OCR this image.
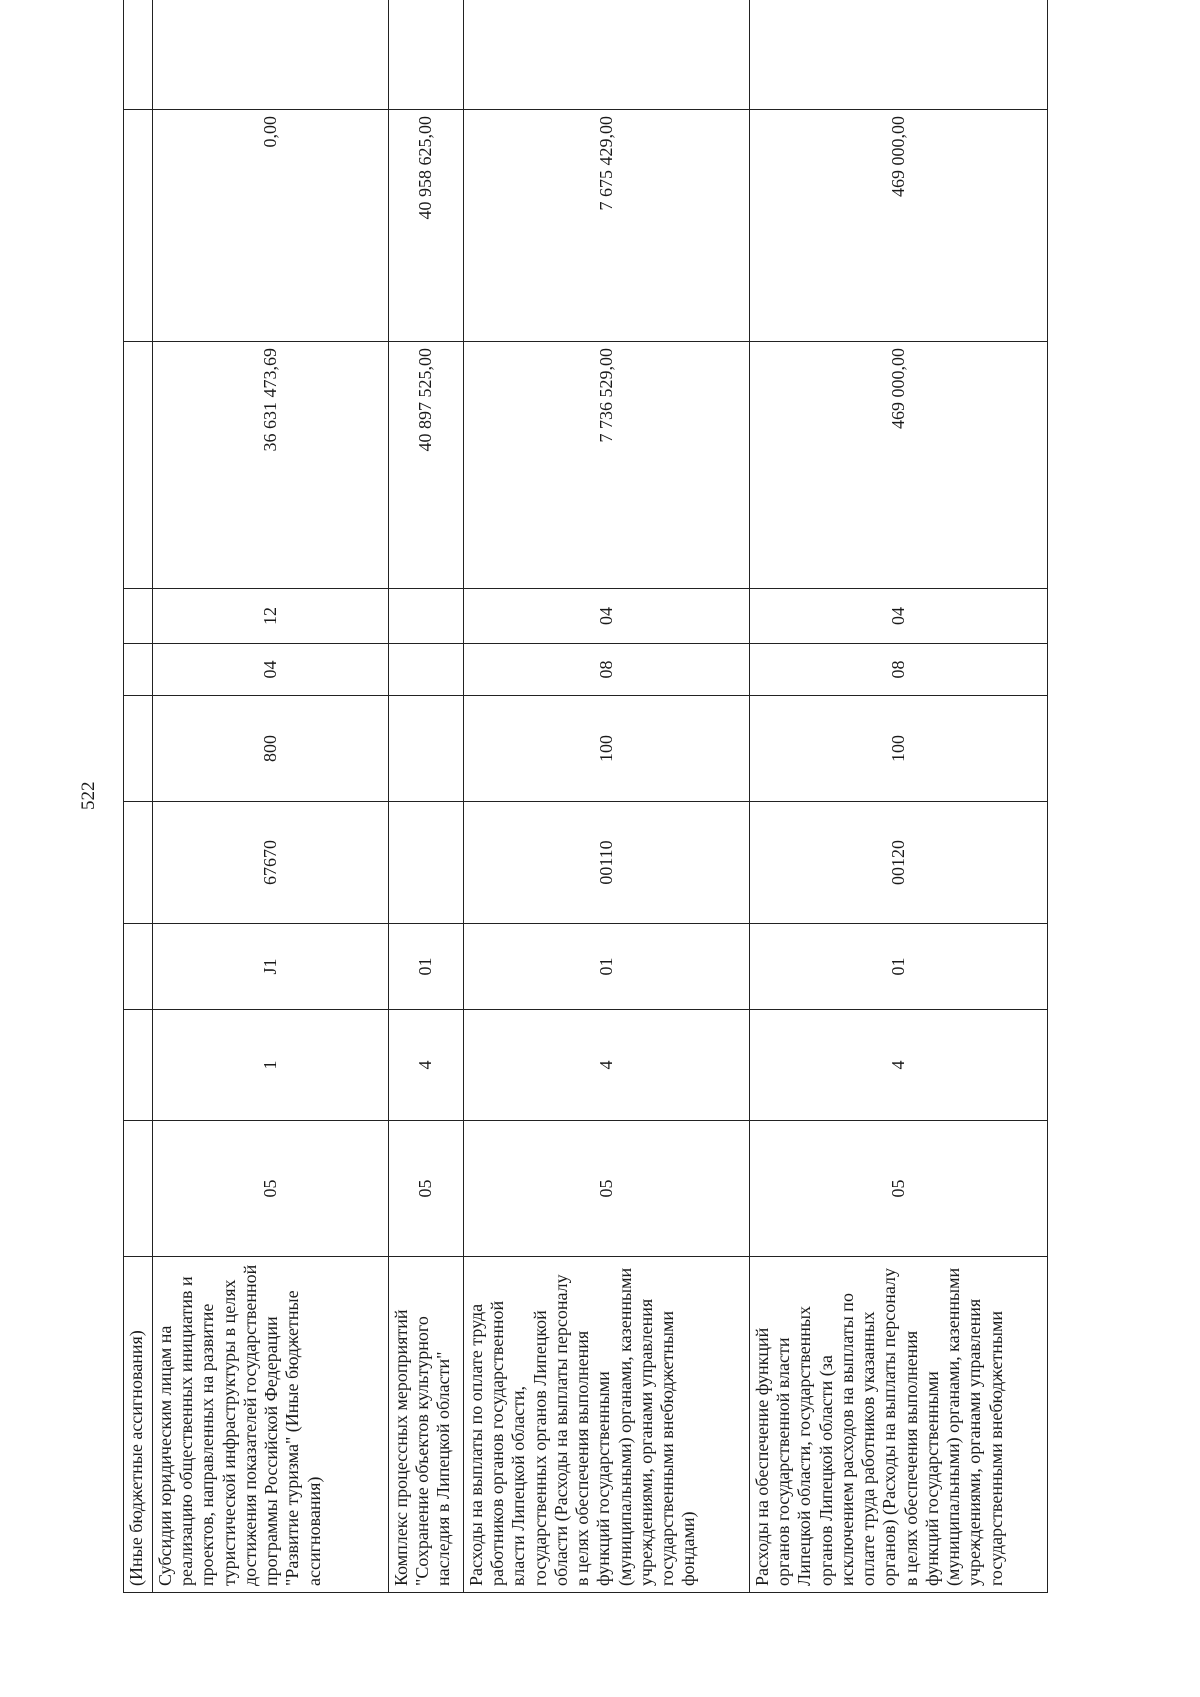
522
(Иные бюджетные ассигнования)										
Субсидии юридическим лицам на реализацию общественных инициатив и проектов, направленных на развитие туристической инфраструктуры в целях достижения показателей государственной программы Российской Федерации "Развитие туризма" (Иные бюджетные ассигнования)	05	1	J1	67670	800	04	12	36 631 473,69	0,00	
Комплекс процессных мероприятий "Сохранение объектов культурного наследия в Липецкой области"	05	4	01					40 897 525,00	40 958 625,00	
Расходы на выплаты по оплате труда работников органов государственной власти Липецкой области, государственных органов Липецкой области (Расходы на выплаты персоналу в целях обеспечения выполнения функций государственными (муниципальными) органами, казенными учреждениями, органами управления государственными внебюджетными фондами)	05	4	01	00110	100	08	04	7 736 529,00	7 675 429,00	
Расходы на обеспечение функций органов государственной власти Липецкой области, государственных органов Липецкой области (за исключением расходов на выплаты по оплате труда работников указанных органов) (Расходы на выплаты персоналу в целях обеспечения выполнения функций государственными (муниципальными) органами, казенными учреждениями, органами управления государственными внебюджетными	05	4	01	00120	100	08	04	469 000,00	469 000,00	
